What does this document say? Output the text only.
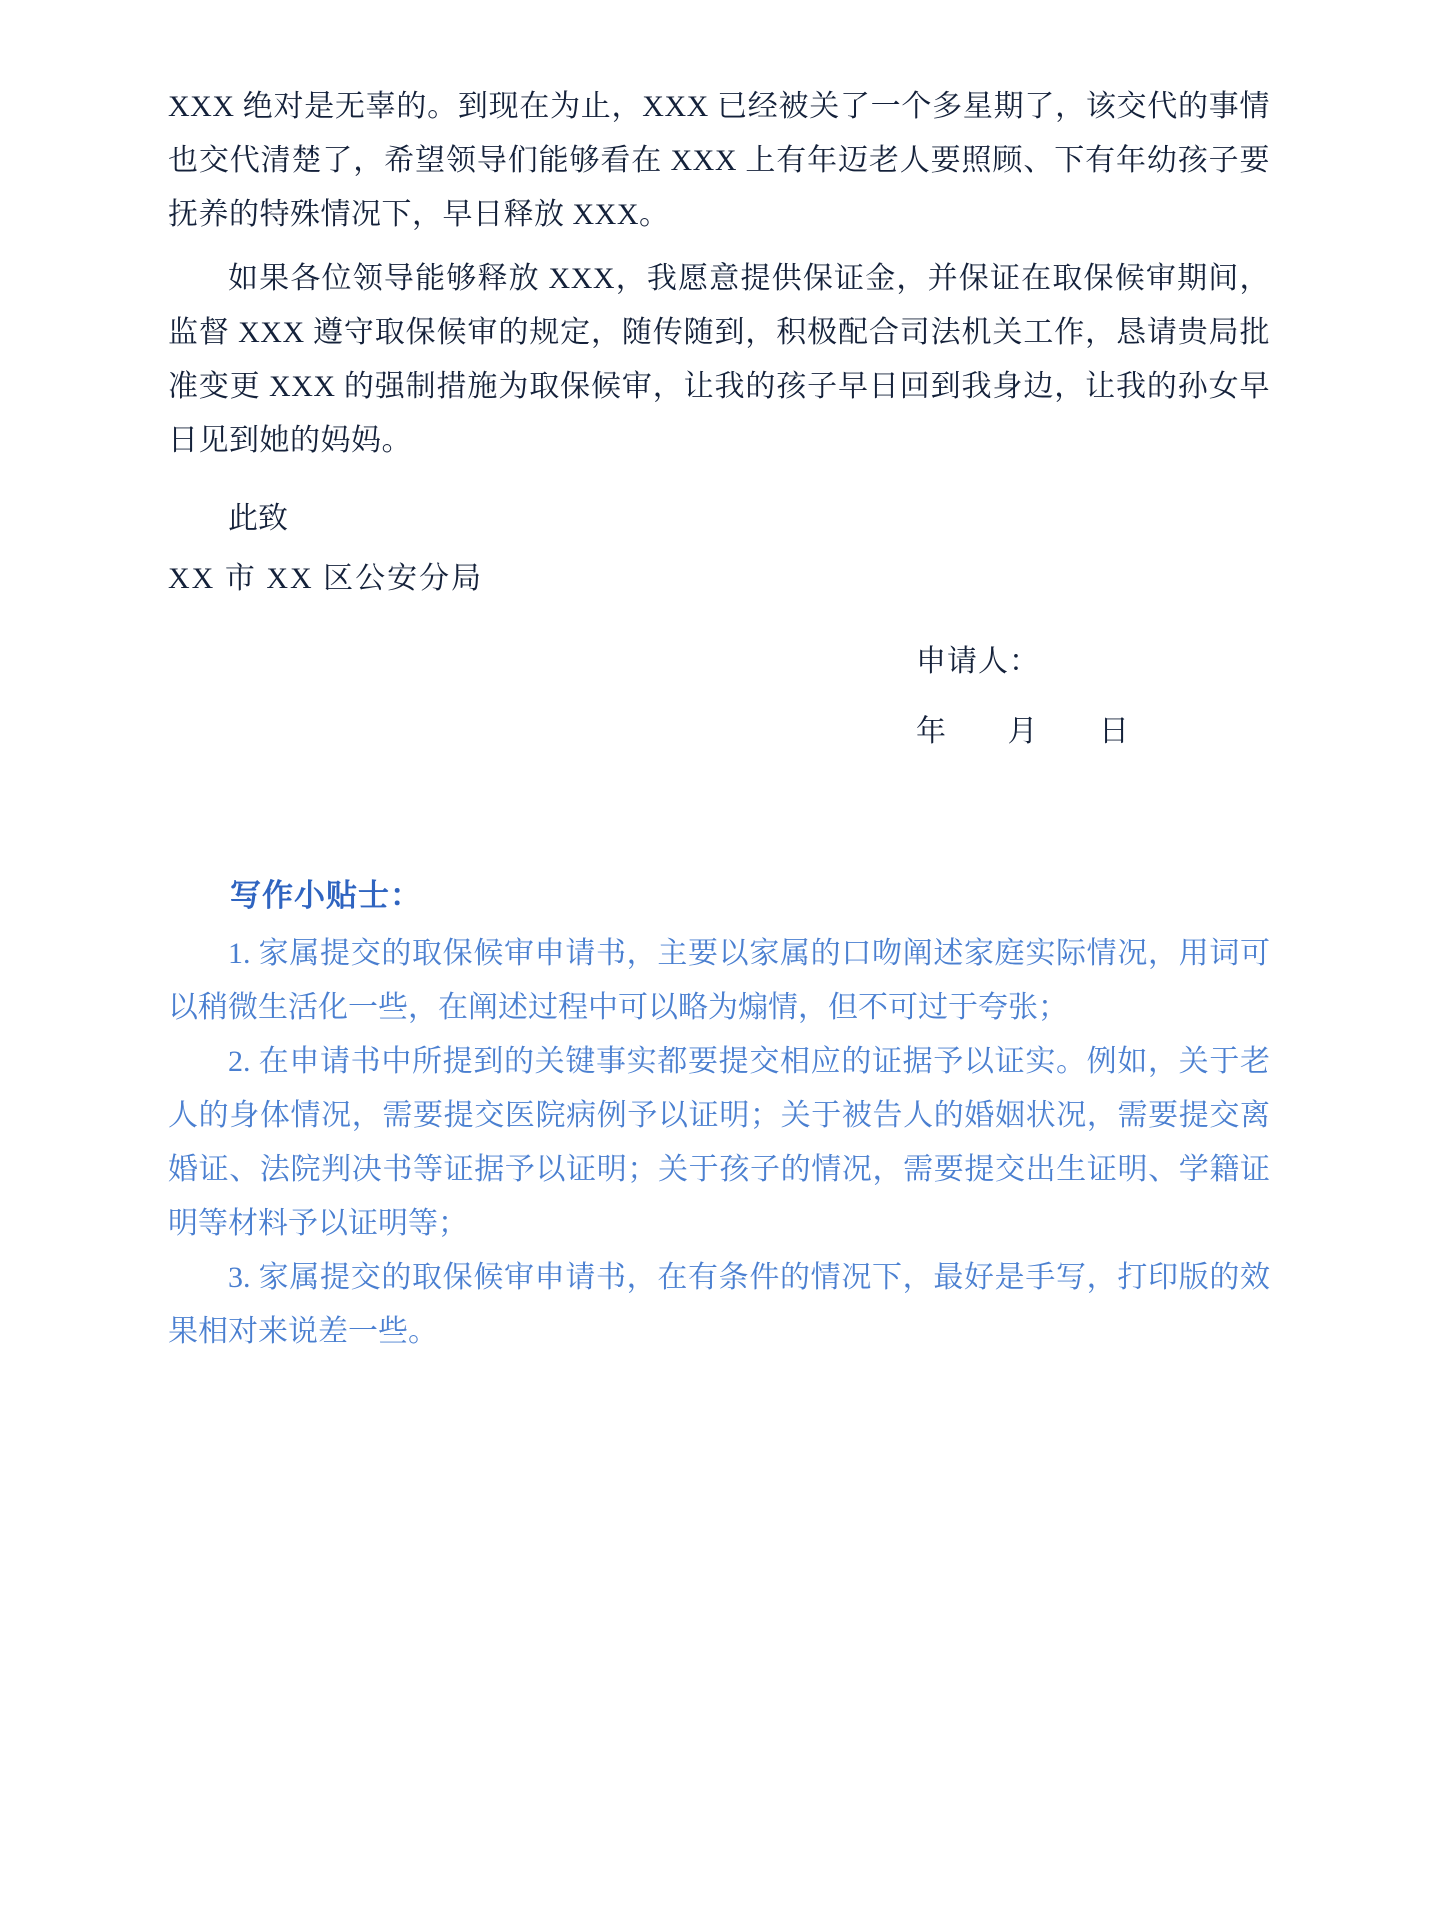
XXX 绝对是无辜的。到现在为止，XXX 已经被关了一个多星期了，该交代的事情也交代清楚了，希望领导们能够看在 XXX 上有年迈老人要照顾、下有年幼孩子要抚养的特殊情况下，早日释放 XXX。

如果各位领导能够释放 XXX，我愿意提供保证金，并保证在取保候审期间，监督 XXX 遵守取保候审的规定，随传随到，积极配合司法机关工作，恳请贵局批准变更 XXX 的强制措施为取保候审，让我的孩子早日回到我身边，让我的孙女早日见到她的妈妈。

此致
XX 市 XX 区公安分局
申请人：
年 月 日
写作小贴士：

1. 家属提交的取保候审申请书，主要以家属的口吻阐述家庭实际情况，用词可以稍微生活化一些，在阐述过程中可以略为煽情，但不可过于夸张；

2. 在申请书中所提到的关键事实都要提交相应的证据予以证实。例如，关于老人的身体情况，需要提交医院病例予以证明；关于被告人的婚姻状况，需要提交离婚证、法院判决书等证据予以证明；关于孩子的情况，需要提交出生证明、学籍证明等材料予以证明等；

3. 家属提交的取保候审申请书，在有条件的情况下，最好是手写，打印版的效果相对来说差一些。
